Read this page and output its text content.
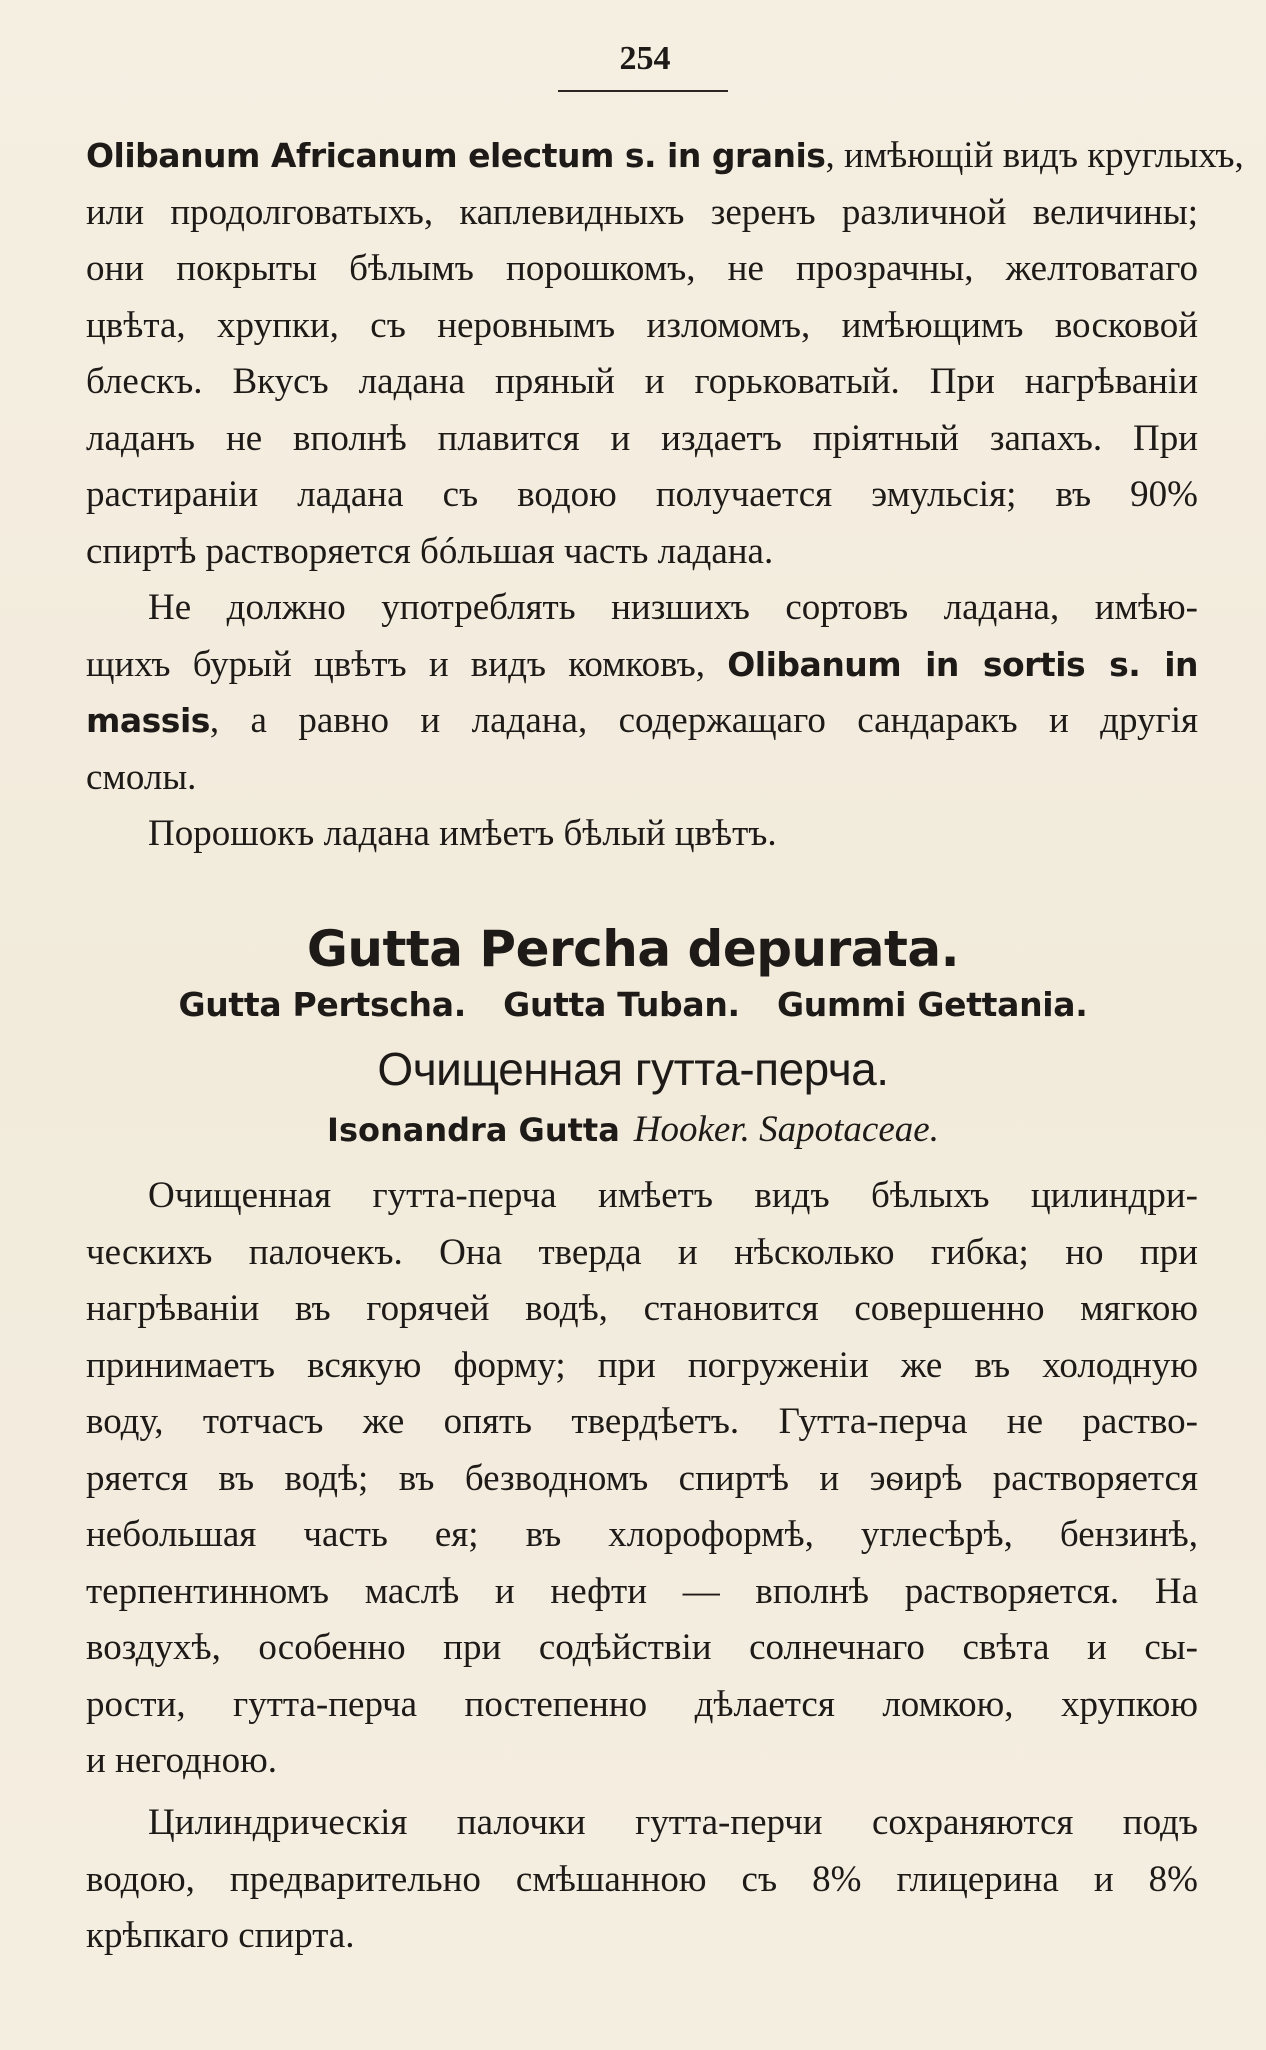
254
Olibanum Africanum electum s. in granis, имѣющій видъ круглыхъ,
или продолговатыхъ, каплевидныхъ зеренъ различной величины;
они покрыты бѣлымъ порошкомъ, не прозрачны, желтоватаго
цвѣта, хрупки, съ неровнымъ изломомъ, имѣющимъ восковой
блескъ. Вкусъ ладана пряный и горьковатый. При нагрѣваніи
ладанъ не вполнѣ плавится и издаетъ пріятный запахъ. При
растираніи ладана съ водою получается эмульсія; въ 90%
спиртѣ растворяется бóльшая часть ладана.
Не должно употреблять низшихъ сортовъ ладана, имѣю-
щихъ бурый цвѣтъ и видъ комковъ, Olibanum in sortis s. in
massis, а равно и ладана, содержащаго сандаракъ и другія
смолы.
Порошокъ ладана имѣетъ бѣлый цвѣтъ.
Gutta Percha depurata.
Gutta Pertscha. Gutta Tuban. Gummi Gettania.
Очищенная гутта-перча.
Isonandra Gutta Hooker. Sapotaceae.
Очищенная гутта-перча имѣетъ видъ бѣлыхъ цилиндри-
ческихъ палочекъ. Она тверда и нѣсколько гибка; но при
нагрѣваніи въ горячей водѣ, становится совершенно мягкою
принимаетъ всякую форму; при погруженіи же въ холодную
воду, тотчасъ же опять твердѣетъ. Гутта-перча не раство-
ряется въ водѣ; въ безводномъ спиртѣ и эѳирѣ растворяется
небольшая часть ея; въ хлороформѣ, углесѣрѣ, бензинѣ,
терпентинномъ маслѣ и нефти — вполнѣ растворяется. На
воздухѣ, особенно при содѣйствіи солнечнаго свѣта и сы-
рости, гутта-перча постепенно дѣлается ломкою, хрупкою
и негодною.
Цилиндрическія палочки гутта-перчи сохраняются подъ
водою, предварительно смѣшанною съ 8% глицерина и 8%
крѣпкаго спирта.
